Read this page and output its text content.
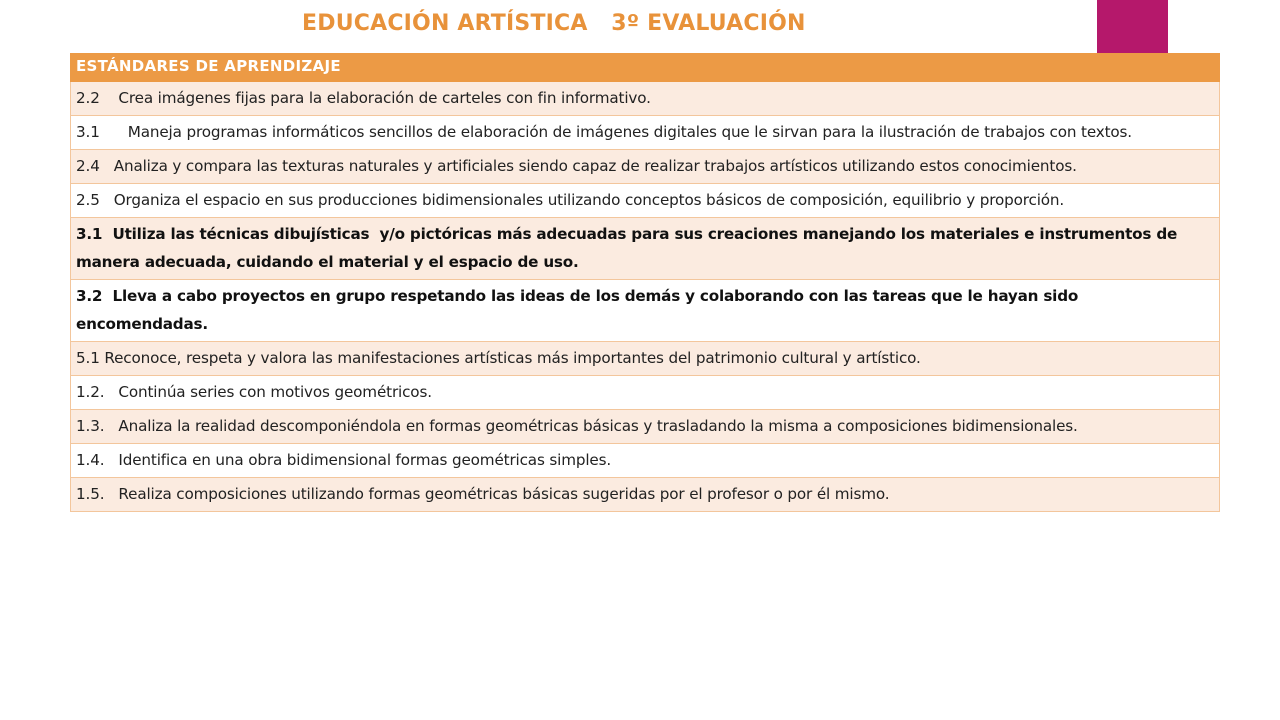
EDUCACIÓN ARTÍSTICA   3º EVALUACIÓN
ESTÁNDARES DE APRENDIZAJE
2.2    Crea imágenes fijas para la elaboración de carteles con fin informativo.
3.1      Maneja programas informáticos sencillos de elaboración de imágenes digitales que le sirvan para la ilustración de trabajos con textos.
2.4   Analiza y compara las texturas naturales y artificiales siendo capaz de realizar trabajos artísticos utilizando estos conocimientos.
2.5   Organiza el espacio en sus producciones bidimensionales utilizando conceptos básicos de composición, equilibrio y proporción.
3.1  Utiliza las técnicas dibujísticas  y/o pictóricas más adecuadas para sus creaciones manejando los materiales e instrumentos de manera adecuada, cuidando el material y el espacio de uso.
3.2  Lleva a cabo proyectos en grupo respetando las ideas de los demás y colaborando con las tareas que le hayan sido encomendadas.
5.1 Reconoce, respeta y valora las manifestaciones artísticas más importantes del patrimonio cultural y artístico.
1.2.   Continúa series con motivos geométricos.
1.3.   Analiza la realidad descomponiéndola en formas geométricas básicas y trasladando la misma a composiciones bidimensionales.
1.4.   Identifica en una obra bidimensional formas geométricas simples.
1.5.   Realiza composiciones utilizando formas geométricas básicas sugeridas por el profesor o por él mismo.
